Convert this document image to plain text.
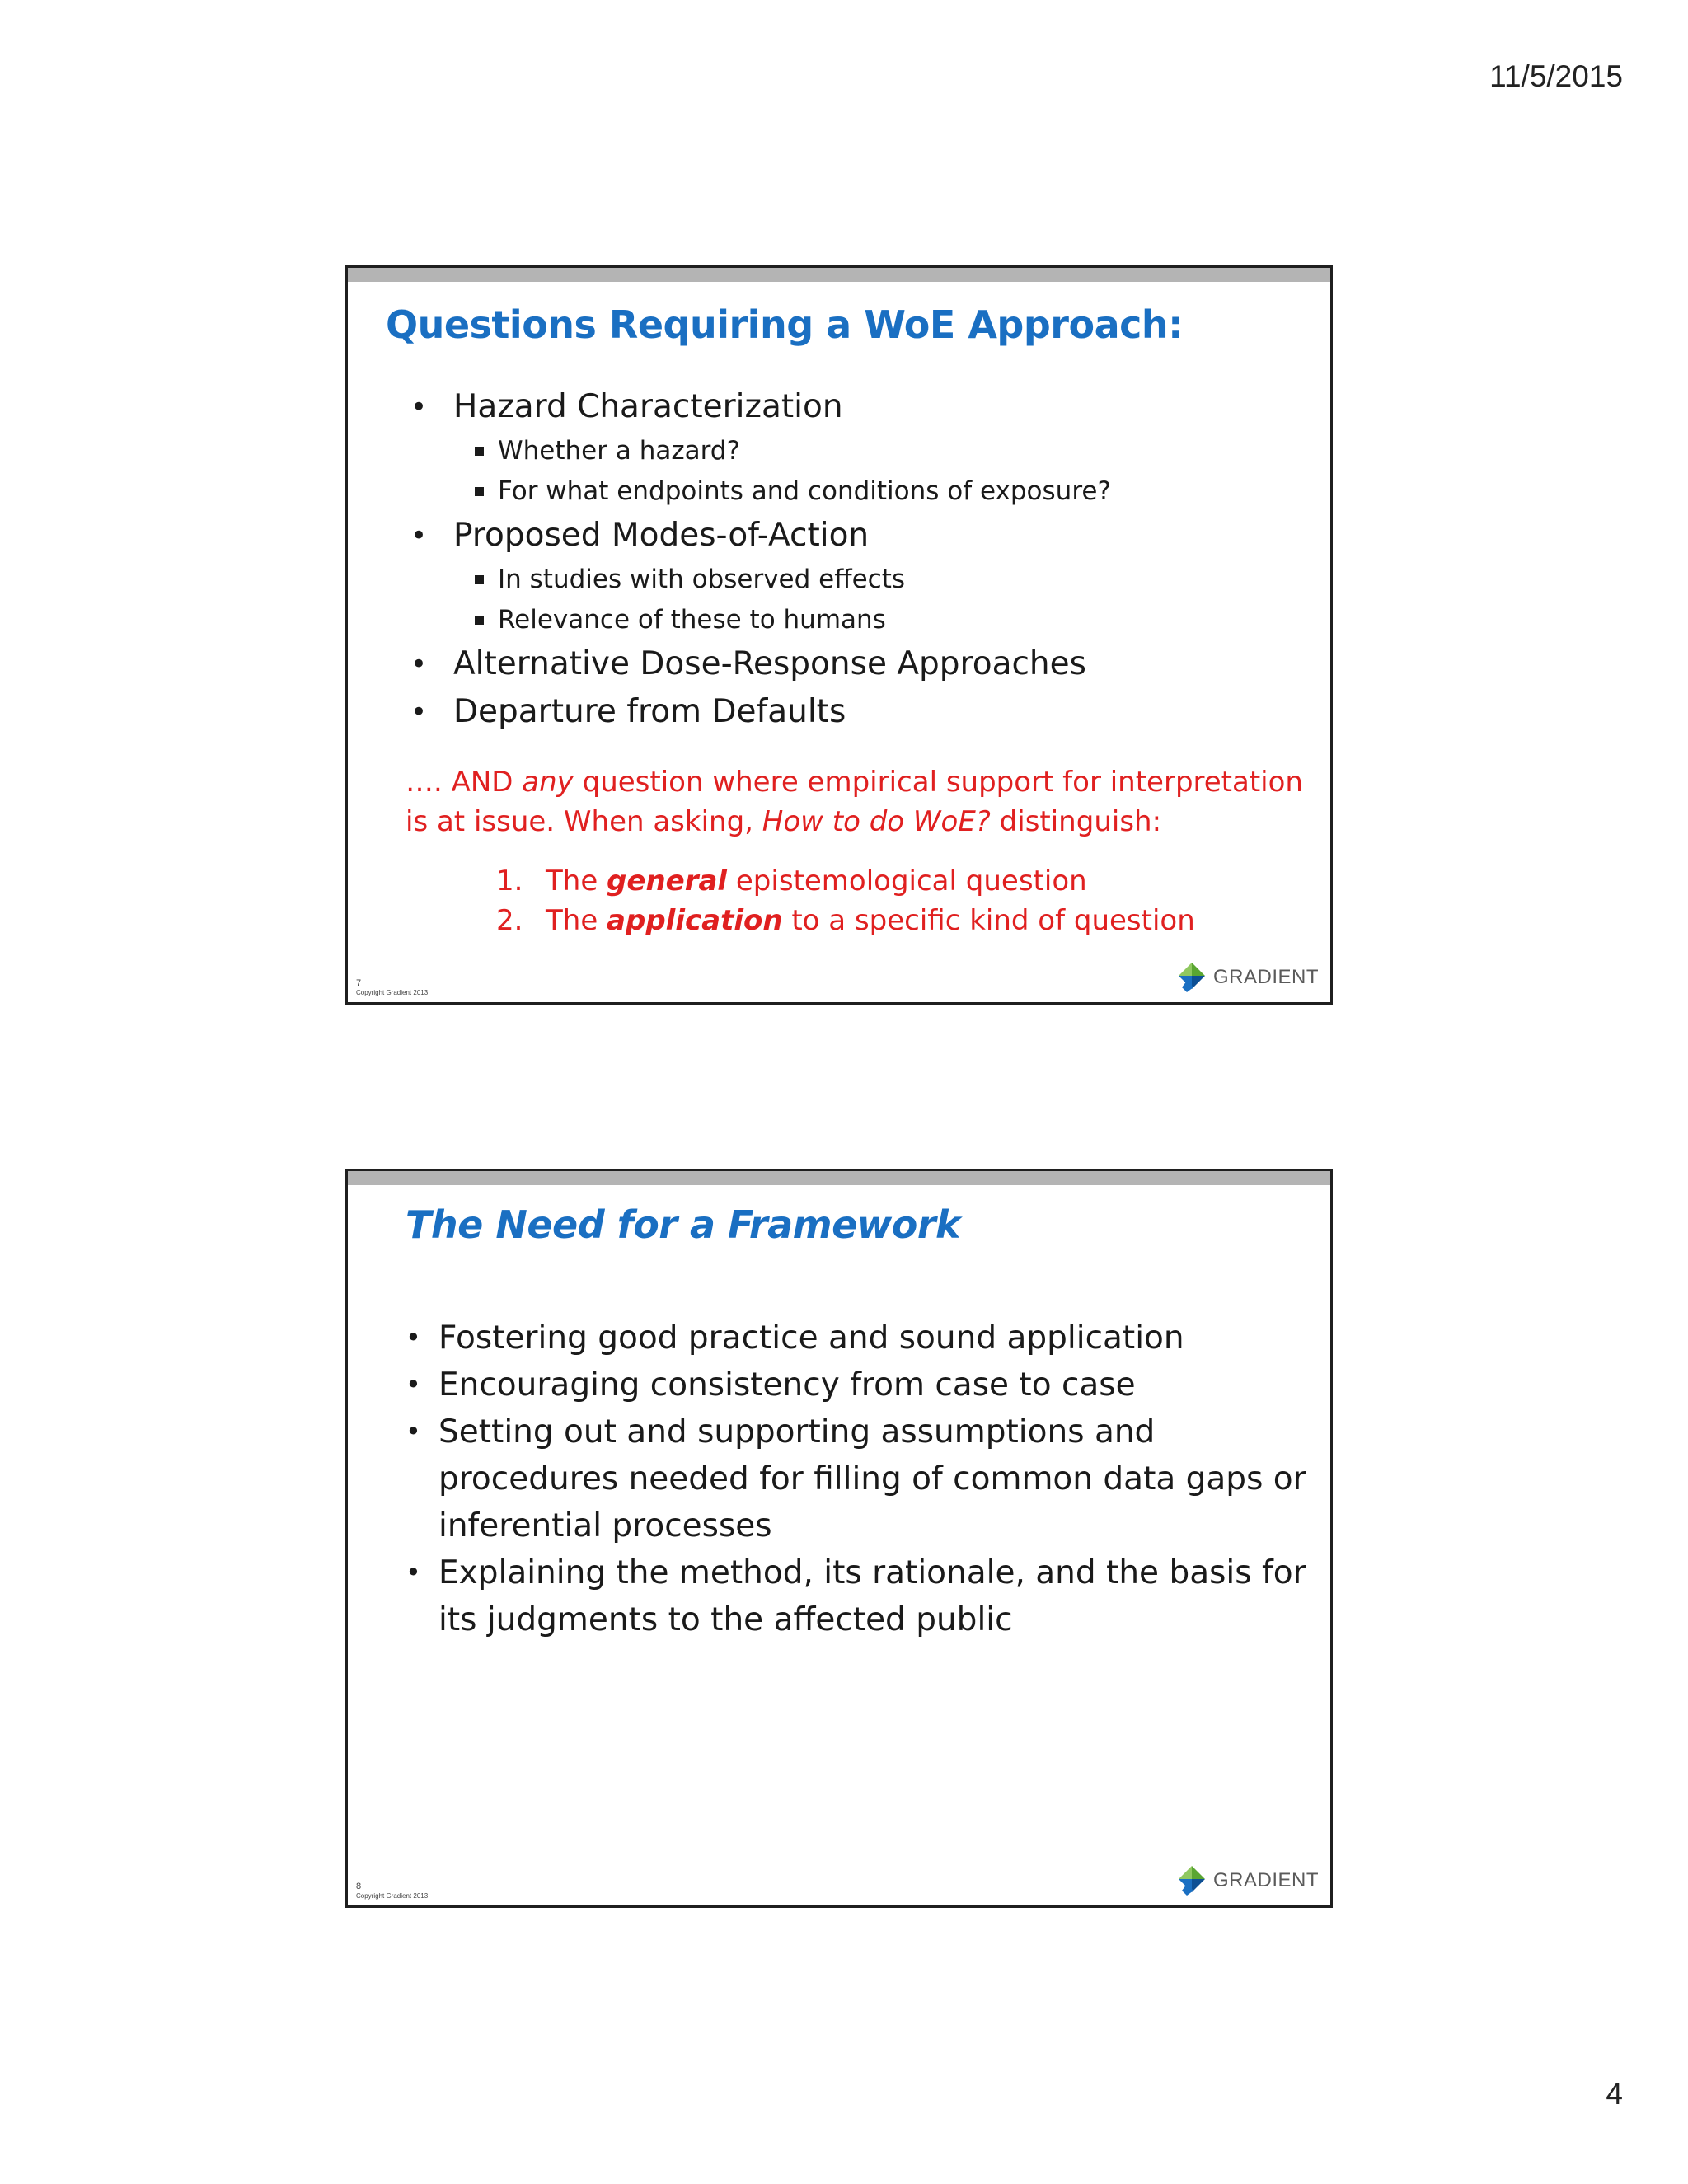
11/5/2015
Questions Requiring a WoE Approach:
• Hazard Characterization
Whether a hazard?
For what endpoints and conditions of exposure?
• Proposed Modes-of-Action
In studies with observed effects
Relevance of these to humans
• Alternative Dose-Response Approaches
• Departure from Defaults
…. AND any question where empirical support for interpretation is at issue. When asking, How to do WoE? distinguish:
1. The general epistemological question
2. The application to a specific kind of question
7
Copyright Gradient 2013
GRADIENT
The Need for a Framework
• Fostering good practice and sound application
• Encouraging consistency from case to case
• Setting out and supporting assumptions and procedures needed for filling of common data gaps or inferential processes
• Explaining the method, its rationale, and the basis for its judgments to the affected public
8
Copyright Gradient 2013
GRADIENT
4
